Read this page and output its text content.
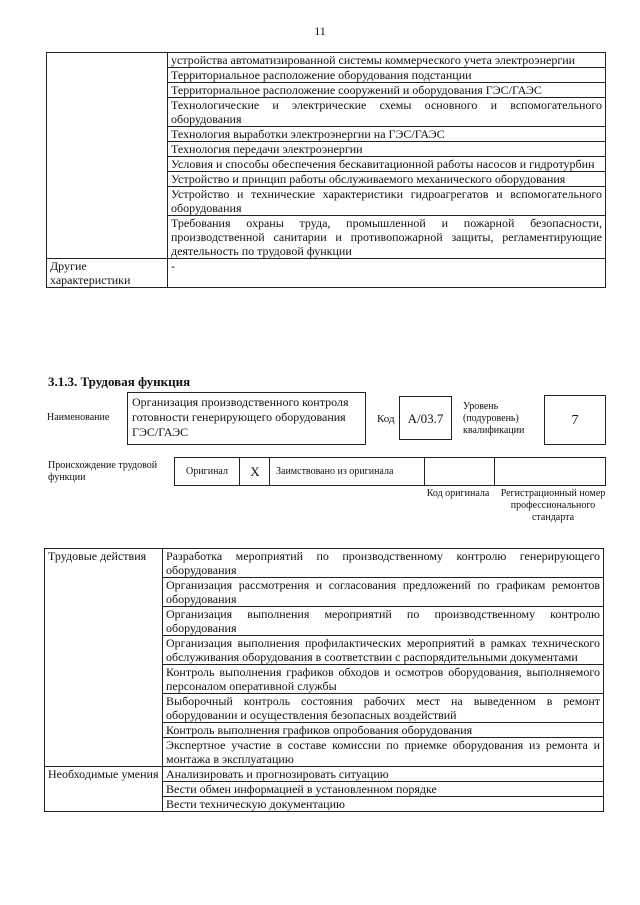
11
	устройства автоматизированной системы коммерческого учета электроэнергии
	Территориальное расположение оборудования подстанции
	Территориальное расположение сооружений и оборудования ГЭС/ГАЭС
	Технологические и электрические схемы основного и вспомогательного оборудования
	Технология выработки электроэнергии на ГЭС/ГАЭС
	Технология передачи электроэнергии
	Условия и способы обеспечения бескавитационной работы насосов и гидротурбин
	Устройство и принцип работы обслуживаемого механического оборудования
	Устройство и технические характеристики гидроагрегатов и вспомогательного оборудования
	Требования охраны труда, промышленной и пожарной безопасности, производственной санитарии и противопожарной защиты, регламентирующие деятельность по трудовой функции
Другие характеристики	-
3.1.3. Трудовая функция
Наименование
Организация производственного контроля готовности генерирующего оборудования ГЭС/ГАЭС
Код	A/03.7
Уровень (подуровень) квалификации
7
Происхождение трудовой функции
Оригинал	X	Заимствовано из оригинала
Код оригинала	Регистрационный номер профессионального стандарта
Трудовые действия	Разработка мероприятий по производственному контролю генерирующего оборудования
	Организация рассмотрения и согласования предложений по графикам ремонтов оборудования
	Организация выполнения мероприятий по производственному контролю оборудования
	Организация выполнения профилактических мероприятий в рамках технического обслуживания оборудования в соответствии с распорядительными документами
	Контроль выполнения графиков обходов и осмотров оборудования, выполняемого персоналом оперативной службы
	Выборочный контроль состояния рабочих мест на выведенном в ремонт оборудовании и осуществления безопасных воздействий
	Контроль выполнения графиков опробования оборудования
	Экспертное участие в составе комиссии по приемке оборудования из ремонта и монтажа в эксплуатацию
Необходимые умения	Анализировать и прогнозировать ситуацию
	Вести обмен информацией в установленном порядке
	Вести техническую документацию
